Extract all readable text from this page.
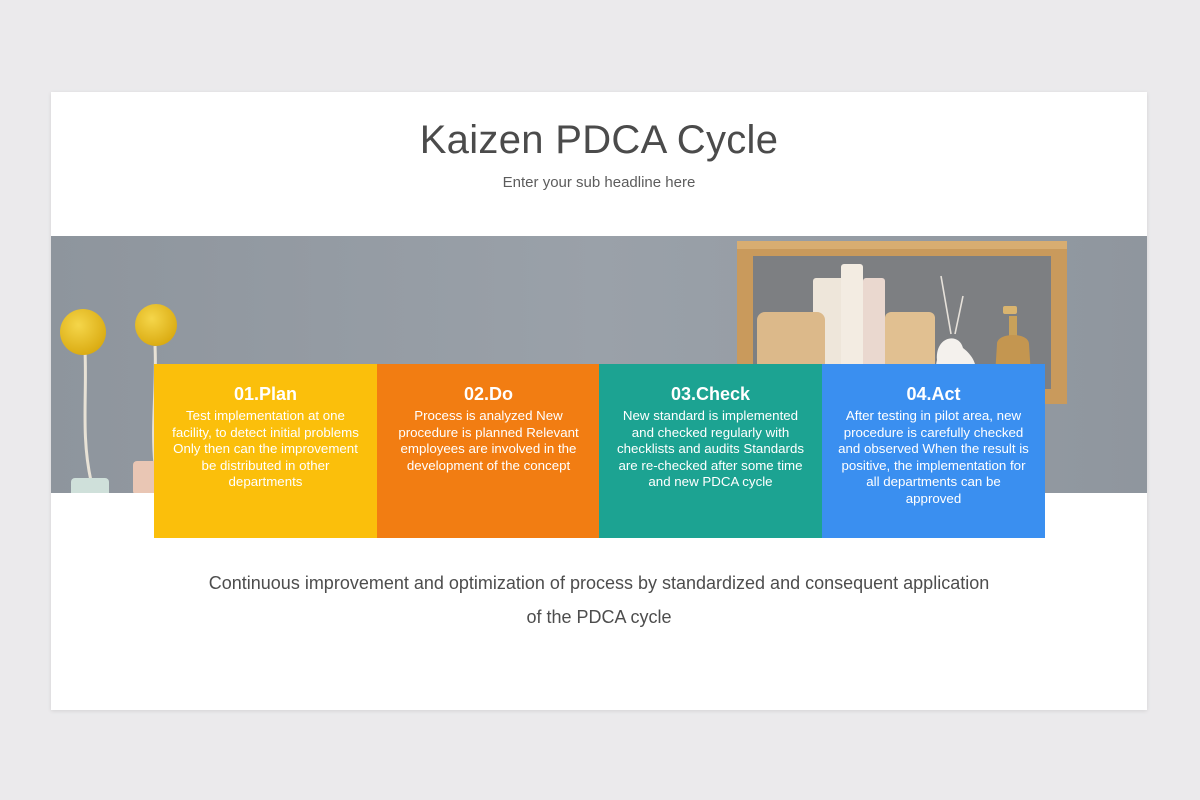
Kaizen PDCA Cycle
Enter your sub headline here
01.Plan
Test implementation at one facility, to detect initial problems Only then can the improvement be distributed in other departments
02.Do
Process is analyzed New procedure is planned Relevant employees are involved in the development of the concept
03.Check
New standard is implemented and checked regularly with checklists and audits Standards are re-checked after some time and new PDCA cycle
04.Act
After testing in pilot area, new procedure is carefully checked and observed When the result is positive, the implementation for all departments can be approved
Continuous improvement and optimization of process by standardized and consequent application
of the PDCA cycle
